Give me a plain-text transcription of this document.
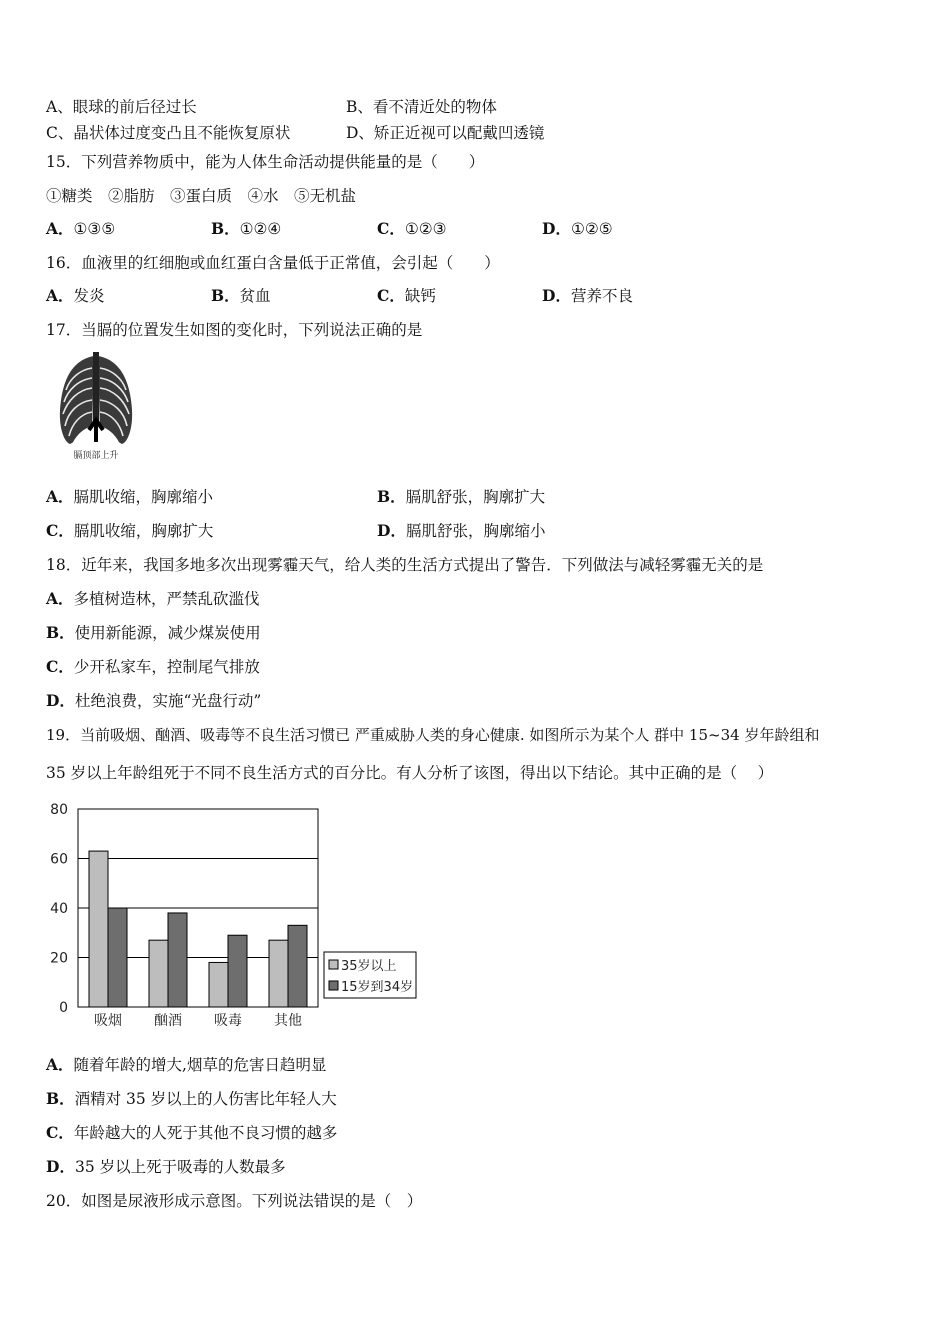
A、眼球的前后径过长	B、看不清近处的物体
C、晶状体过度变凸且不能恢复原状	D、矫正近视可以配戴凹透镜
15．下列营养物质中，能为人体生命活动提供能量的是（　　）
①糖类　②脂肪　③蛋白质　④水　⑤无机盐
A．①③⑤	B．①②④	C．①②③	D．①②⑤
16．血液里的红细胞或血红蛋白含量低于正常值，会引起（　　）
A．发炎	B．贫血	C．缺钙	D．营养不良
17．当膈的位置发生如图的变化时，下列说法正确的是
膈顶部上升
A．膈肌收缩，胸廓缩小	B．膈肌舒张，胸廓扩大
C．膈肌收缩，胸廓扩大	D．膈肌舒张，胸廓缩小
18．近年来，我国多地多次出现雾霾天气，给人类的生活方式提出了警告．下列做法与减轻雾霾无关的是
A．多植树造林，严禁乱砍滥伐
B．使用新能源，减少煤炭使用
C．少开私家车，控制尾气排放
D．杜绝浪费，实施“光盘行动”
19．当前吸烟、酗酒、吸毒等不良生活习惯已 严重威胁人类的身心健康. 如图所示为某个人 群中 15~34 岁年龄组和
35 岁以上年龄组死于不同不良生活方式的百分比。有人分析了该图，得出以下结论。其中正确的是（　 ）
0
20
40
60
80
吸烟 酗酒 吸毒 其他
35岁以上
15岁到34岁
A．随着年龄的增大,烟草的危害日趋明显
B．酒精对 35 岁以上的人伤害比年轻人大
C．年龄越大的人死于其他不良习惯的越多
D．35 岁以上死于吸毒的人数最多
20．如图是尿液形成示意图。下列说法错误的是（　）
